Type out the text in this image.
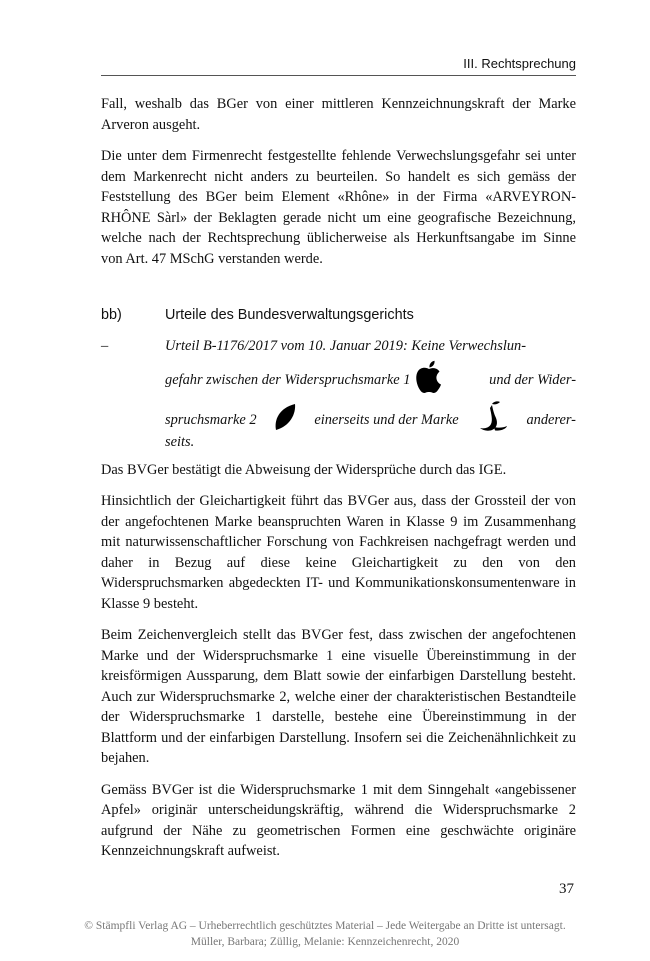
III. Rechtsprechung

Fall, weshalb das BGer von einer mittleren Kennzeichnungskraft der Marke Arveron ausgeht.

Die unter dem Firmenrecht festgestellte fehlende Verwechslungsgefahr sei unter dem Markenrecht nicht anders zu beurteilen. So handelt es sich gemäss der Feststellung des BGer beim Element «Rhône» in der Firma «ARVEYRON-RHÔNE Sàrl» der Beklagten gerade nicht um eine geografische Bezeichnung, welche nach der Rechtsprechung üblicherweise als Herkunftsangabe im Sinne von Art. 47 MSchG verstanden werde.

bb)	Urteile des Bundesverwaltungsgerichts
–	Urteil B-1176/2017 vom 10. Januar 2019: Keine Verwechslun-
gefahr zwischen der Widerspruchsmarke 1	und der Wider-
spruchsmarke 2	einerseits und der Marke	anderer-
seits.

Das BVGer bestätigt die Abweisung der Widersprüche durch das IGE.

Hinsichtlich der Gleichartigkeit führt das BVGer aus, dass der Grossteil der von der angefochtenen Marke beanspruchten Waren in Klasse 9 im Zusammenhang mit naturwissenschaftlicher Forschung von Fachkreisen nachgefragt werden und daher in Bezug auf diese keine Gleichartigkeit zu den von den Widerspruchsmarken abgedeckten IT- und Kommunikationskonsumentenware in Klasse 9 besteht.

Beim Zeichenvergleich stellt das BVGer fest, dass zwischen der angefochtenen Marke und der Widerspruchsmarke 1 eine visuelle Übereinstimmung in der kreisförmigen Aussparung, dem Blatt sowie der einfarbigen Darstellung besteht. Auch zur Widerspruchsmarke 2, welche einer der charakteristischen Bestandteile der Widerspruchsmarke 1 darstelle, bestehe eine Übereinstimmung in der Blattform und der einfarbigen Darstellung. Insofern sei die Zeichenähnlichkeit zu bejahen.

Gemäss BVGer ist die Widerspruchsmarke 1 mit dem Sinngehalt «angebissener Apfel» originär unterscheidungskräftig, während die Widerspruchsmarke 2 aufgrund der Nähe zu geometrischen Formen eine geschwächte originäre Kennzeichnungskraft aufweist.

37
© Stämpfli Verlag AG – Urheberrechtlich geschütztes Material – Jede Weitergabe an Dritte ist untersagt.
Müller, Barbara; Züllig, Melanie: Kennzeichenrecht, 2020
